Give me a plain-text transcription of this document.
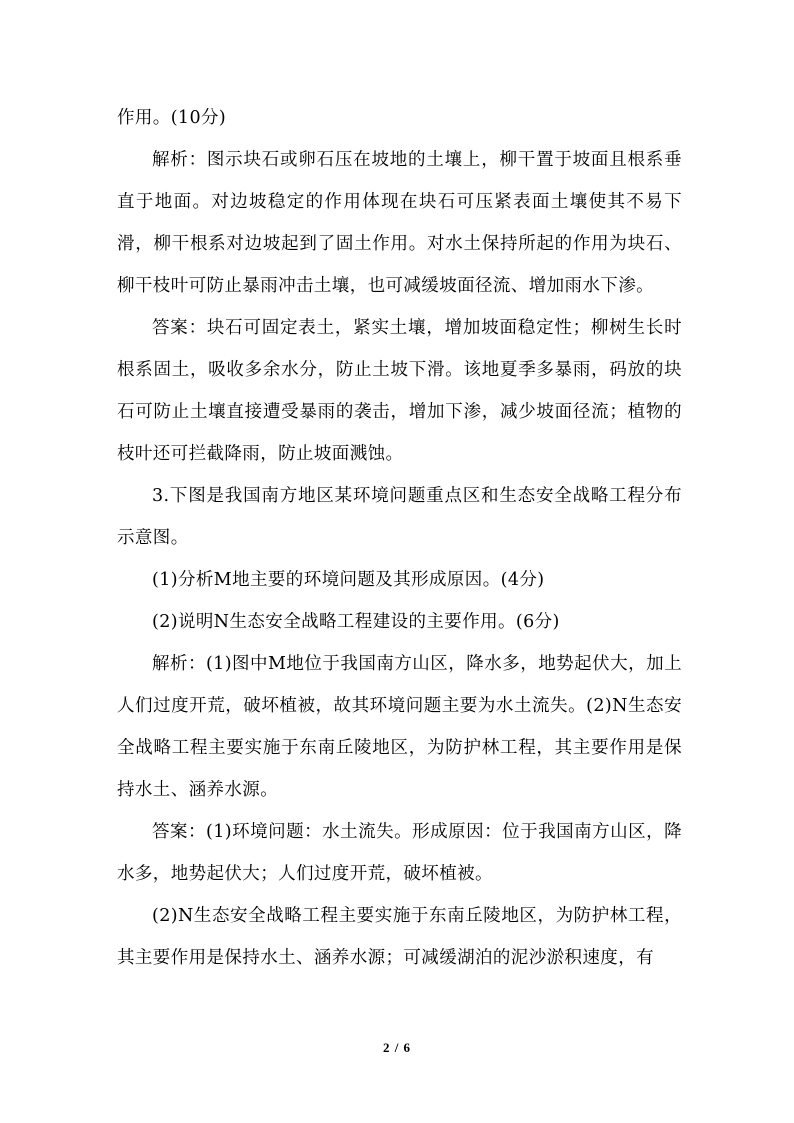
作用。(10分)

解析：图示块石或卵石压在坡地的土壤上，柳干置于坡面且根系垂直于地面。对边坡稳定的作用体现在块石可压紧表面土壤使其不易下滑，柳干根系对边坡起到了固土作用。对水土保持所起的作用为块石、柳干枝叶可防止暴雨冲击土壤，也可减缓坡面径流、增加雨水下渗。

答案：块石可固定表土，紧实土壤，增加坡面稳定性；柳树生长时根系固土，吸收多余水分，防止土坡下滑。该地夏季多暴雨，码放的块石可防止土壤直接遭受暴雨的袭击，增加下渗，减少坡面径流；植物的枝叶还可拦截降雨，防止坡面溅蚀。

3.下图是我国南方地区某环境问题重点区和生态安全战略工程分布示意图。

(1)分析M地主要的环境问题及其形成原因。(4分)

(2)说明N生态安全战略工程建设的主要作用。(6分)

解析：(1)图中M地位于我国南方山区，降水多，地势起伏大，加上人们过度开荒，破坏植被，故其环境问题主要为水土流失。(2)N生态安全战略工程主要实施于东南丘陵地区，为防护林工程，其主要作用是保持水土、涵养水源。

答案：(1)环境问题：水土流失。形成原因：位于我国南方山区，降水多，地势起伏大；人们过度开荒，破坏植被。

(2)N生态安全战略工程主要实施于东南丘陵地区，为防护林工程，其主要作用是保持水土、涵养水源；可减缓湖泊的泥沙淤积速度，有

2 / 6
